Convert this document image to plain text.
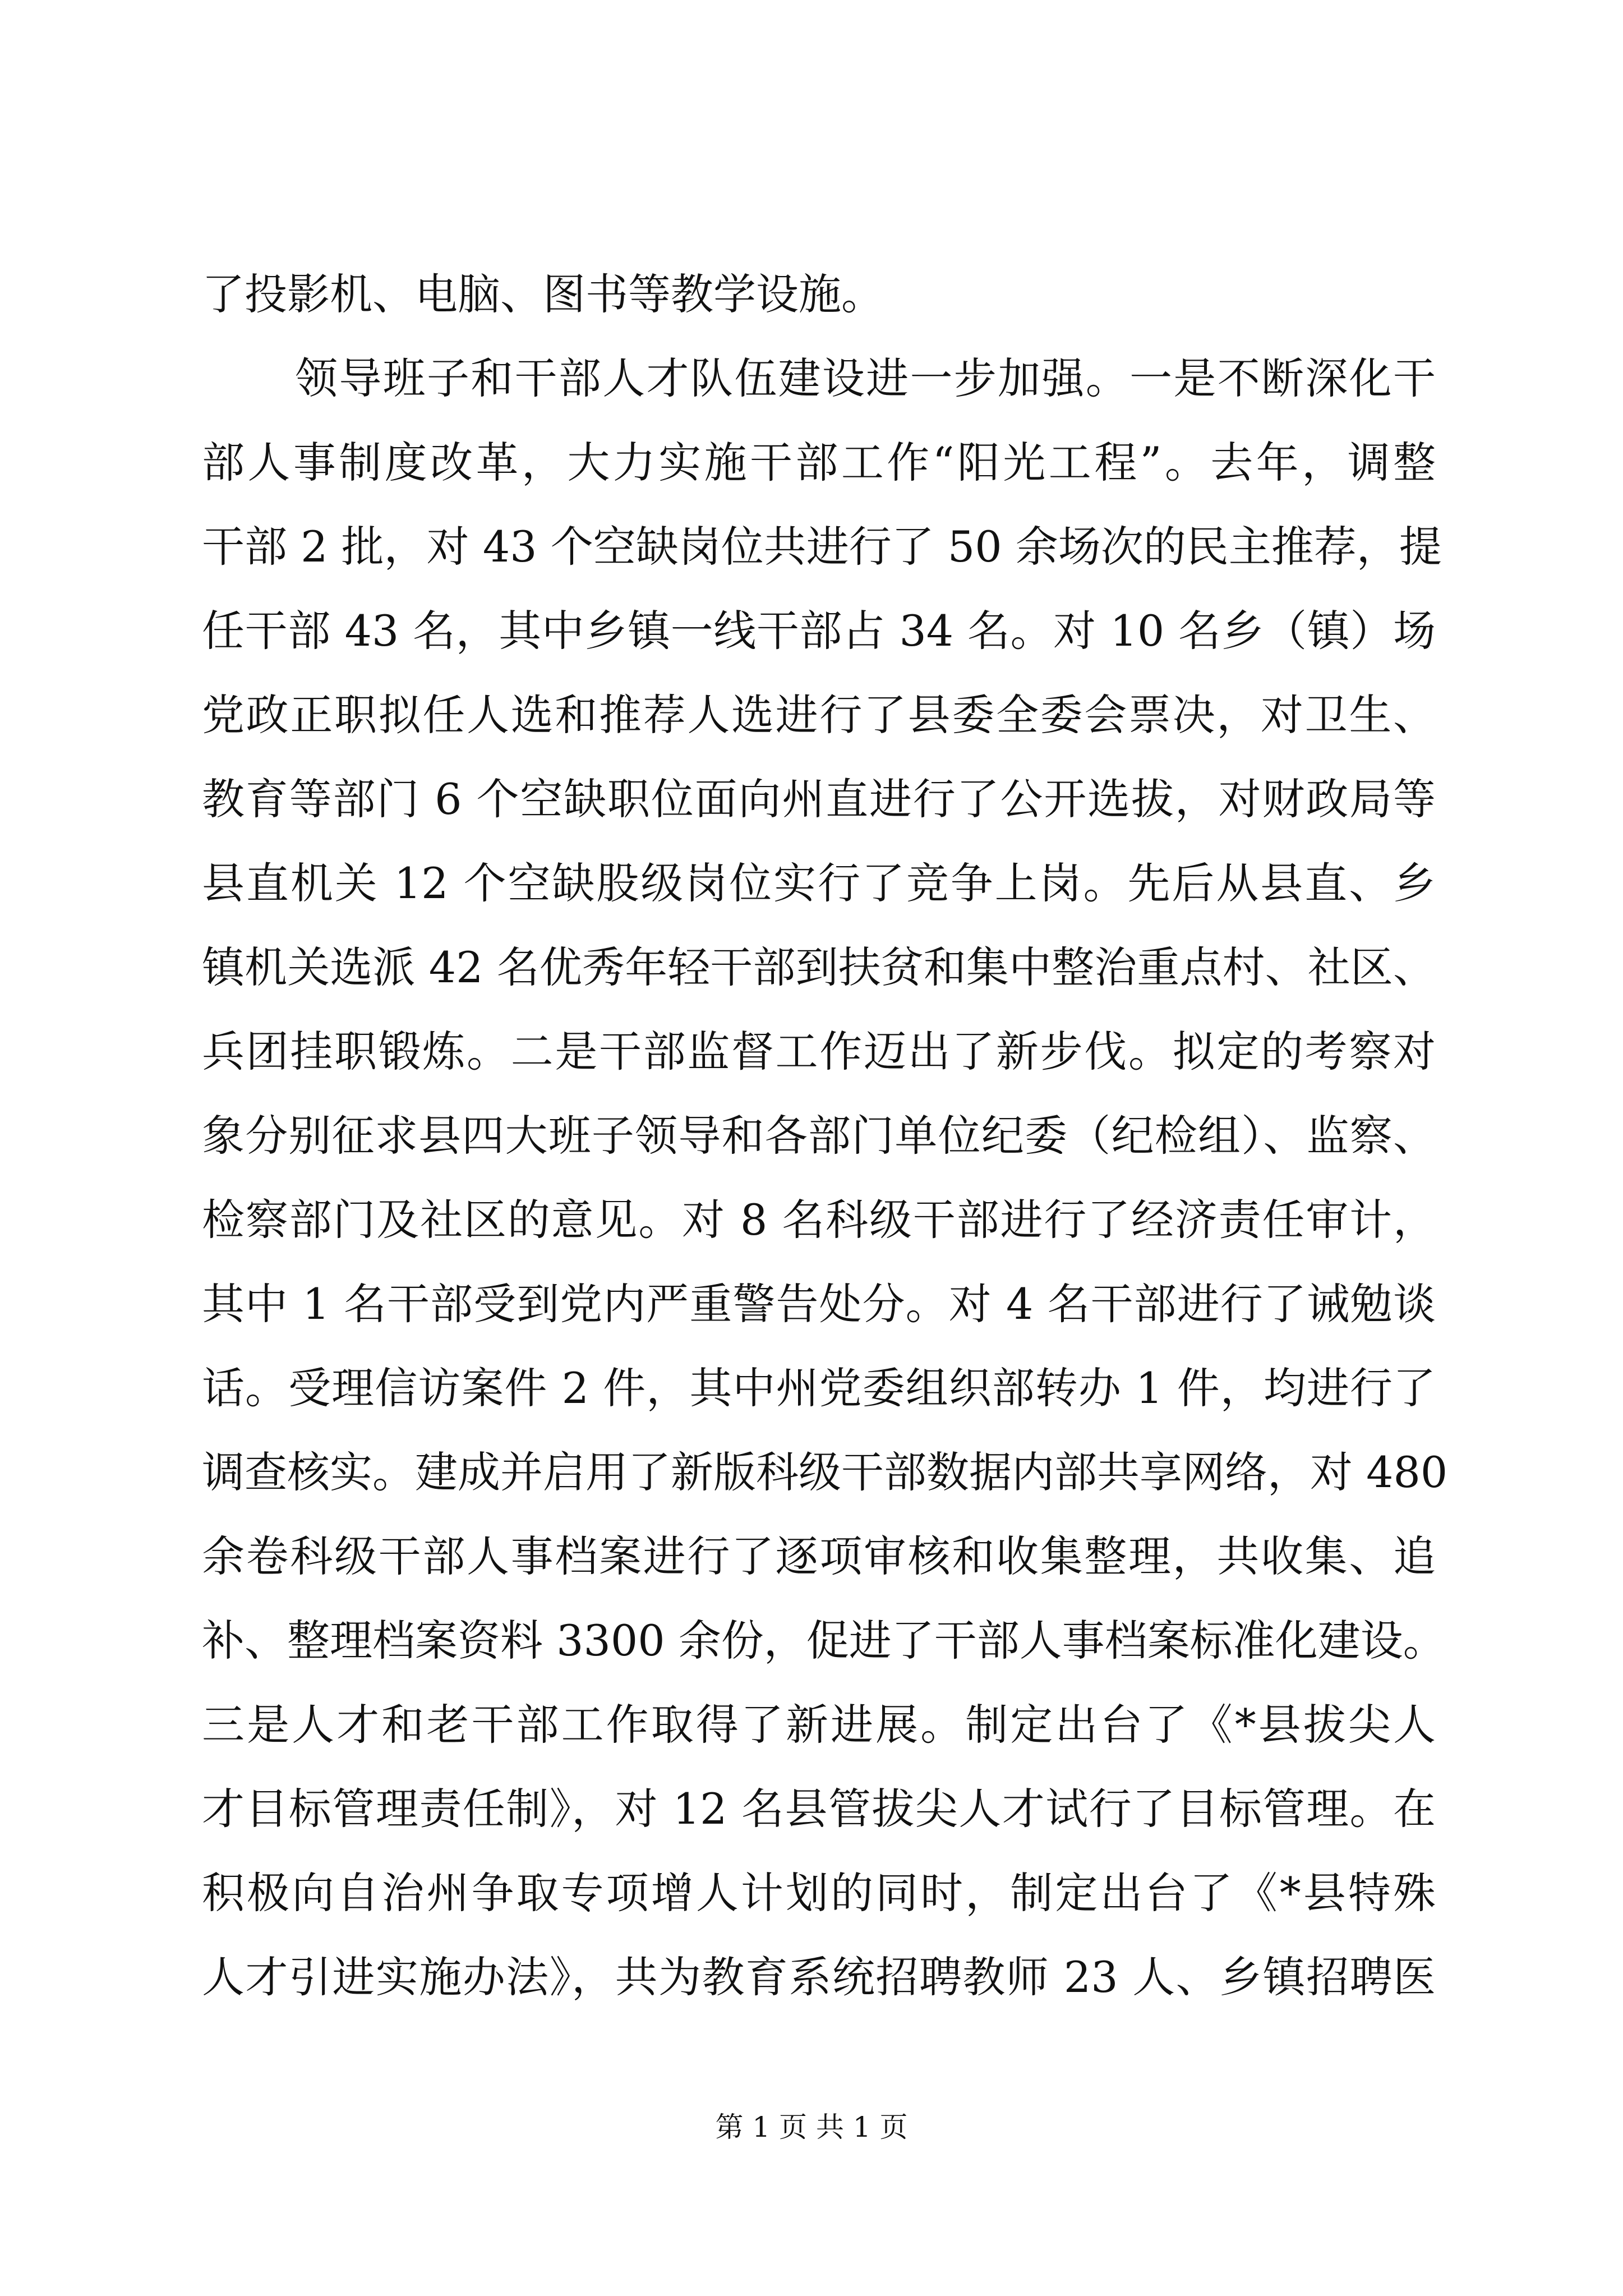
了投影机、电脑、图书等教学设施。
领导班子和干部人才队伍建设进一步加强。一是不断深化干
部人事制度改革，大力实施干部工作“阳光工程”。去年，调整
干部 2 批，对 43 个空缺岗位共进行了 50 余场次的民主推荐，提
任干部 43 名，其中乡镇一线干部占 34 名。对 10 名乡（镇）场
党政正职拟任人选和推荐人选进行了县委全委会票决，对卫生、
教育等部门 6 个空缺职位面向州直进行了公开选拔，对财政局等
县直机关 12 个空缺股级岗位实行了竞争上岗。先后从县直、乡
镇机关选派 42 名优秀年轻干部到扶贫和集中整治重点村、社区、
兵团挂职锻炼。二是干部监督工作迈出了新步伐。拟定的考察对
象分别征求县四大班子领导和各部门单位纪委（纪检组）、监察、
检察部门及社区的意见。对 8 名科级干部进行了经济责任审计，
其中 1 名干部受到党内严重警告处分。对 4 名干部进行了诫勉谈
话。受理信访案件 2 件，其中州党委组织部转办 1 件，均进行了
调查核实。建成并启用了新版科级干部数据内部共享网络，对 480
余卷科级干部人事档案进行了逐项审核和收集整理，共收集、追
补、整理档案资料 3300 余份，促进了干部人事档案标准化建设。
三是人才和老干部工作取得了新进展。制定出台了《*县拔尖人
才目标管理责任制》，对 12 名县管拔尖人才试行了目标管理。在
积极向自治州争取专项增人计划的同时，制定出台了《*县特殊
人才引进实施办法》，共为教育系统招聘教师 23 人、乡镇招聘医
第 1 页 共 1 页
